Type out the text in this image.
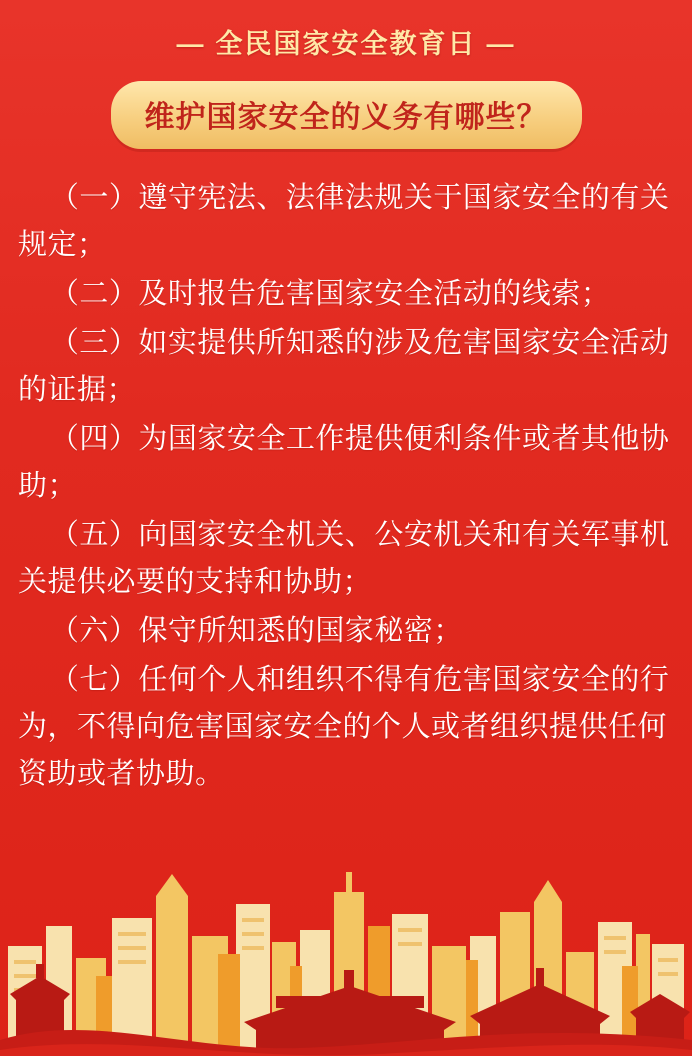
— 全民国家安全教育日 —
维护国家安全的义务有哪些？

（一）遵守宪法、法律法规关于国家安全的有关规定；

（二）及时报告危害国家安全活动的线索；

（三）如实提供所知悉的涉及危害国家安全活动的证据；

（四）为国家安全工作提供便利条件或者其他协助；

（五）向国家安全机关、公安机关和有关军事机关提供必要的支持和协助；

（六）保守所知悉的国家秘密；

（七）任何个人和组织不得有危害国家安全的行为，不得向危害国家安全的个人或者组织提供任何资助或者协助。
